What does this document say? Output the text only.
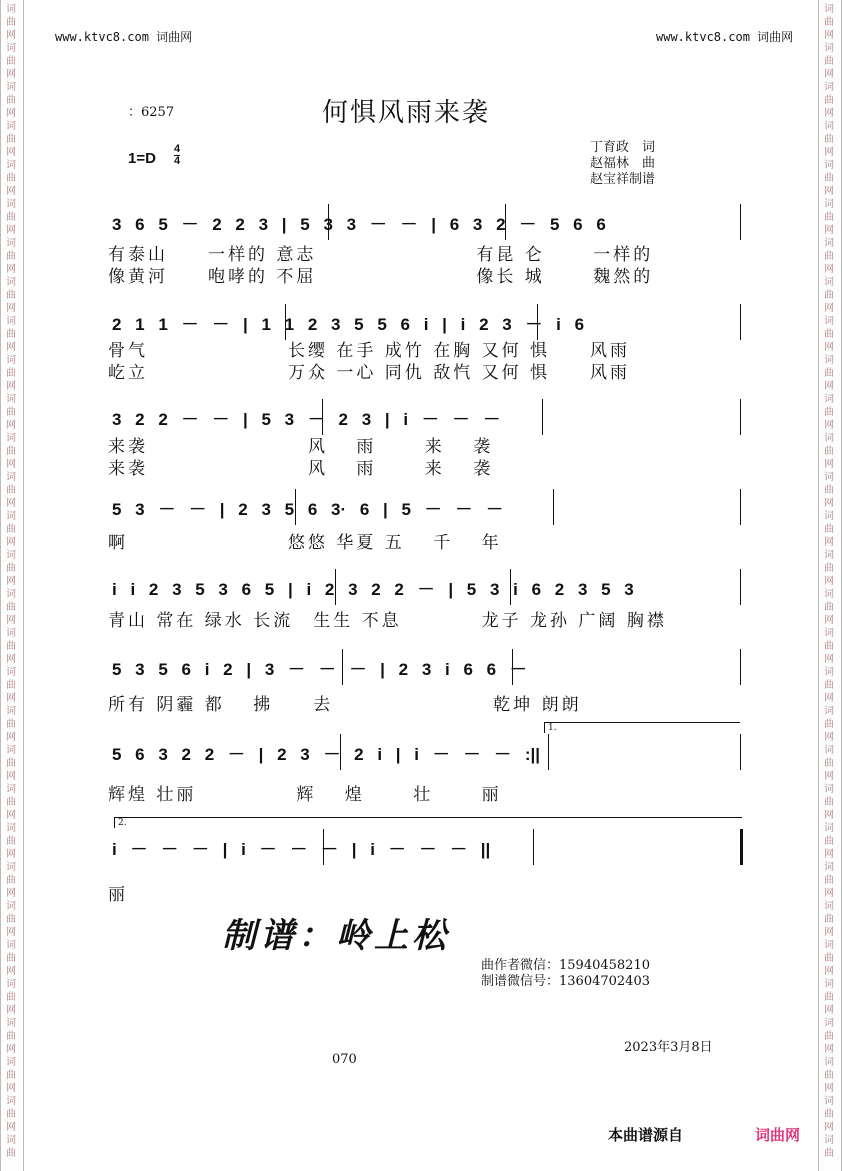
词
曲
网
词
曲
网
词
曲
网
词
曲
网
词
曲
网
词
曲
网
词
曲
网
词
曲
网
词
曲
网
词
曲
网
词
曲
网
词
曲
网
词
曲
网
词
曲
网
词
曲
网
词
曲
网
词
曲
网
词
曲
网
词
曲
网
词
曲
网
词
曲
网
词
曲
网
词
曲
网
词
曲
网
词
曲
网
词
曲
网
词
曲
网
词
曲
网
词
曲
网
词
曲
词
曲
网
词
曲
网
词
曲
网
词
曲
网
词
曲
网
词
曲
网
词
曲
网
词
曲
网
词
曲
网
词
曲
网
词
曲
网
词
曲
网
词
曲
网
词
曲
网
词
曲
网
词
曲
网
词
曲
网
词
曲
网
词
曲
网
词
曲
网
词
曲
网
词
曲
网
词
曲
网
词
曲
网
词
曲
网
词
曲
网
词
曲
网
词
曲
网
词
曲
网
词
曲
www.ktvc8.com 词曲网	www.ktvc8.com 词曲网
：6257	何惧风雨来袭
1=D
4
4
丁育政　词
赵福林　曲
赵宝祥制谱
3 6 5 － 2 2 3 | 5 3 3 － － | 6 3 2 － 5 6 6
有泰山　　一样的 意志　　　　　　　　有昆 仑　　 一样的
像黄河　　咆哮的 不屈　　　　　　　　像长 城　　 魏然的
2 1 1 － － | 1 1 2 3 5 5 6 i | i 2 3 － i 6
骨气　　　　　　　长缨 在手 成竹 在胸 又何 惧　　风雨
屹立　　　　　　　万众 一心 同仇 敌忾 又何 惧　　风雨
3 2 2 － － | 5 3 － 2 3 | i － － －
来袭　　　　　　　　风　 雨　　 来　 袭
来袭　　　　　　　　风　 雨　　 来　 袭
5 3 － － | 2 3 5 6 3· 6 | 5 － － －
啊　　　　　　　　悠悠 华夏 五　 千　 年
i i 2 3 5 3 6 5 | i 2 3 2 2 － | 5 3 i 6 2 3 5 3
青山 常在 绿水 长流　生生 不息　　　　龙子 龙孙 广阔 胸襟
5 3 5 6 i 2 | 3 － － － | 2 3 i 6 6 －
所有 阴霾 都　 拂　　去　　　　　　　　乾坤 朗朗
5 6 3 2 2 － | 2 3 － 2 i | i － － － :||
1.
辉煌 壮丽　　　　　辉　 煌　　 壮　　 丽
i － － － | i － － － | i － － － ||
2.
丽
制谱：岭上松
曲作者微信：15940458210
制谱微信号：13604702403
2023年3月8日
070
本曲谱源自	词曲网
